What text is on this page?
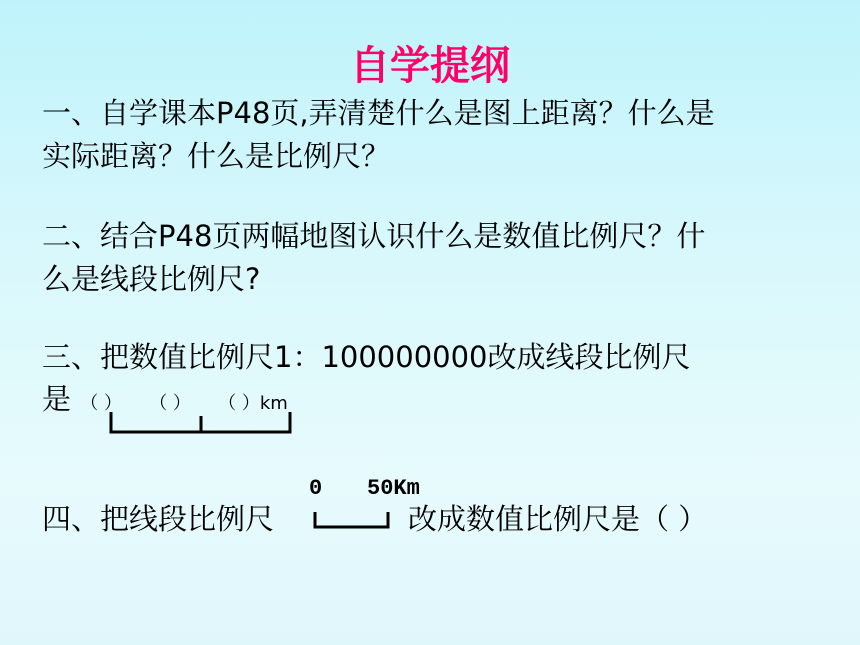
自学提纲
一、自学课本P48页,弄清楚什么是图上距离？什么是
实际距离？什么是比例尺？
二、结合P48页两幅地图认识什么是数值比例尺？什
么是线段比例尺?
三、把数值比例尺1：100000000改成线段比例尺
是 （ ） （ ） （ ）km
0 50Km
四、把线段比例尺	改成数值比例尺是（ ）
